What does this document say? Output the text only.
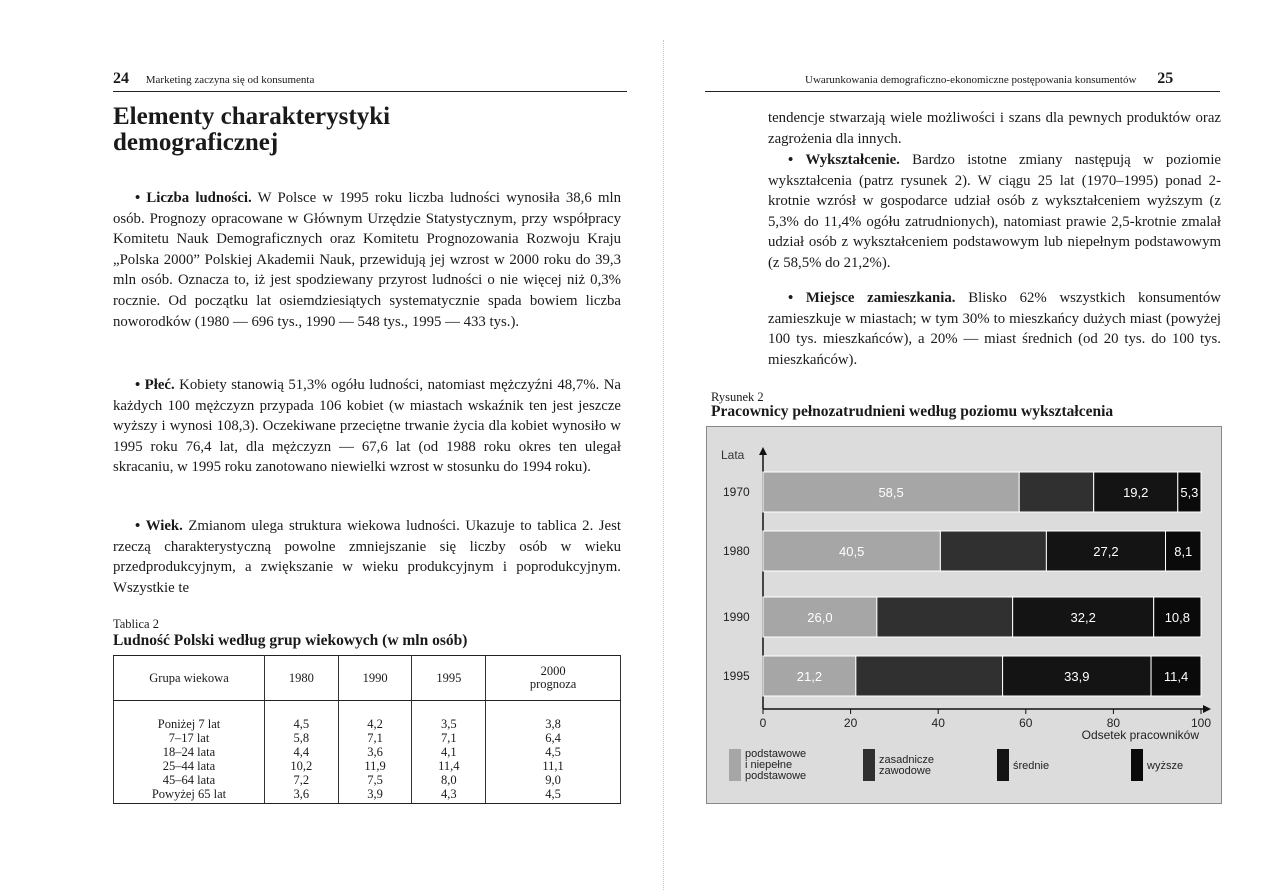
24 Marketing zaczyna się od konsumenta
Elementy charakterystyki demograficznej

• Liczba ludności. W Polsce w 1995 roku liczba ludności wynosiła 38,6 mln osób. Prognozy opracowane w Głównym Urzędzie Statystycznym, przy współpracy Komitetu Nauk Demograficznych oraz Komitetu Prognozowania Rozwoju Kraju „Polska 2000” Polskiej Akademii Nauk, przewidują jej wzrost w 2000 roku do 39,3 mln osób. Oznacza to, iż jest spodziewany przyrost ludności o nie więcej niż 0,3% rocznie. Od początku lat osiemdziesiątych systematycznie spada bowiem liczba noworodków (1980 — 696 tys., 1990 — 548 tys., 1995 — 433 tys.).

• Płeć. Kobiety stanowią 51,3% ogółu ludności, natomiast mężczyźni 48,7%. Na każdych 100 mężczyzn przypada 106 kobiet (w miastach wskaźnik ten jest jeszcze wyższy i wynosi 108,3). Oczekiwane przeciętne trwanie życia dla kobiet wynosiło w 1995 roku 76,4 lat, dla mężczyzn — 67,6 lat (od 1988 roku okres ten ulegał skracaniu, w 1995 roku zanotowano niewielki wzrost w stosunku do 1994 roku).

• Wiek. Zmianom ulega struktura wiekowa ludności. Ukazuje to tablica 2. Jest rzeczą charakterystyczną powolne zmniejszanie się liczby osób w wieku przedprodukcyjnym, a zwiększanie w wieku produkcyjnym i poprodukcyjnym. Wszystkie te

Tablica 2
Ludność Polski według grup wiekowych (w mln osób)
Grupa wiekowa	1980	1990	1995	2000
prognoza
Poniżej 7 lat	4,5	4,2	3,5	3,8
7–17 lat	5,8	7,1	7,1	6,4
18–24 lata	4,4	3,6	4,1	4,5
25–44 lata	10,2	11,9	11,4	11,1
45–64 lata	7,2	7,5	8,0	9,0
Powyżej 65 lat	3,6	3,9	4,3	4,5
Uwarunkowania demograficzno-ekonomiczne postępowania konsumentów 25

tendencje stwarzają wiele możliwości i szans dla pewnych produktów oraz zagrożenia dla innych.

• Wykształcenie. Bardzo istotne zmiany następują w poziomie wykształcenia (patrz rysunek 2). W ciągu 25 lat (1970–1995) ponad 2-krotnie wzrósł w gospodarce udział osób z wykształceniem wyższym (z 5,3% do 11,4% ogółu zatrudnionych), natomiast prawie 2,5-krotnie zmalał udział osób z wykształceniem podstawowym lub niepełnym podstawowym (z 58,5% do 21,2%).

• Miejsce zamieszkania. Blisko 62% wszystkich konsumentów zamieszkuje w miastach; w tym 30% to mieszkańcy dużych miast (powyżej 100 tys. mieszkańców), a 20% — miast średnich (od 20 tys. do 100 tys. mieszkańców).

Rysunek 2
Pracownicy pełnozatrudnieni według poziomu wykształcenia
Lata
0	20	40	60	80	100
Odsetek pracowników
1970	58,5	19,2 5,3
1980	40,5	27,2	8,1
1990	26,0	32,2	10,8
1995	21,2	33,9	11,4
podstawowe
i niepełne
podstawowe
zasadnicze
zawodowe	średnie	wyższe
